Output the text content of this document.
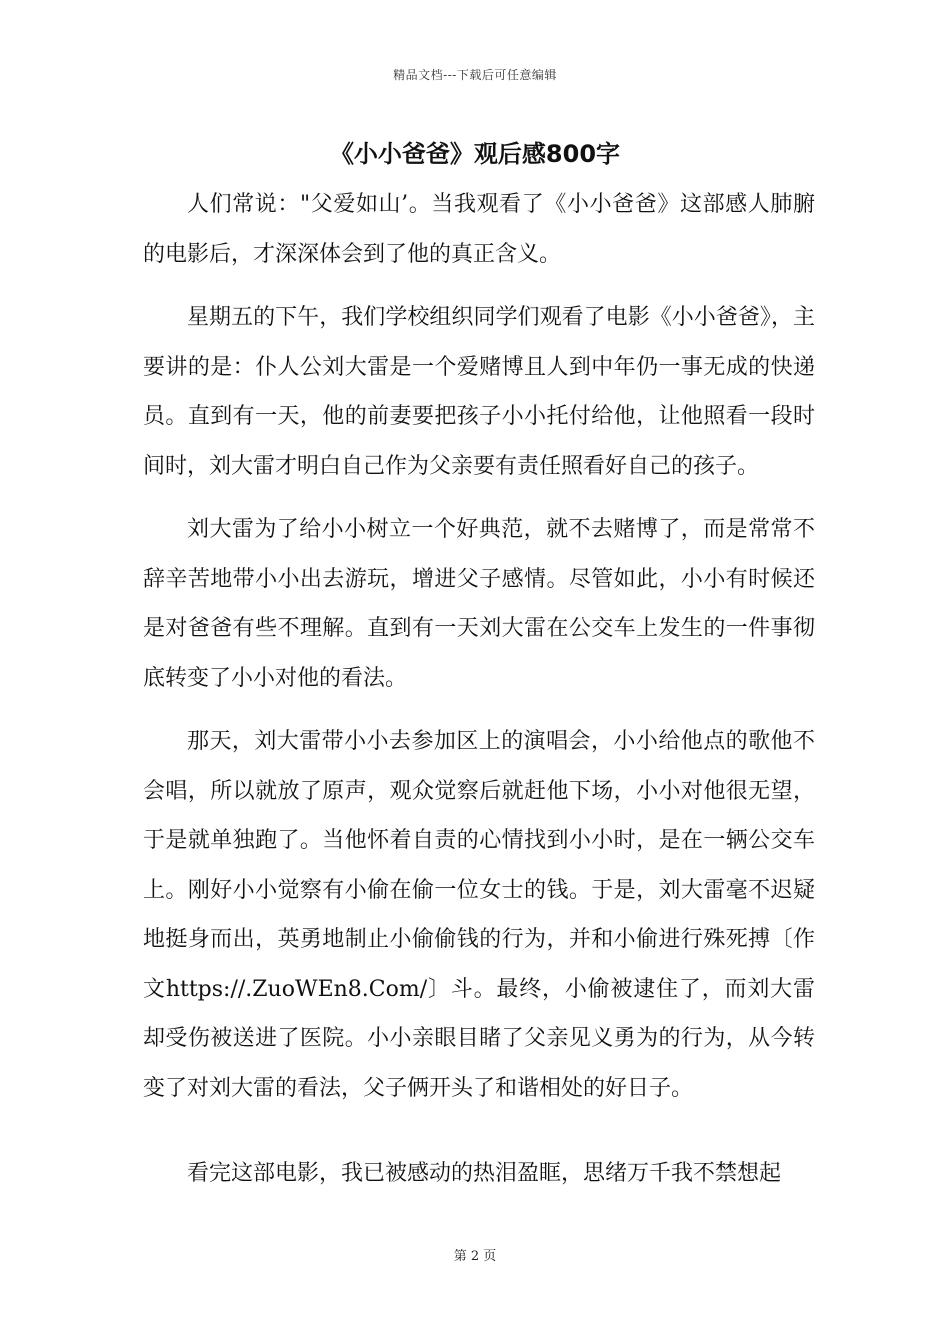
精品文档---下载后可任意编辑
《小小爸爸》观后感800字

人们常说："父爱如山’。当我观看了《小小爸爸》这部感人肺腑的电影后，才深深体会到了他的真正含义。

星期五的下午，我们学校组织同学们观看了电影《小小爸爸》，主要讲的是：仆人公刘大雷是一个爱赌博且人到中年仍一事无成的快递员。直到有一天，他的前妻要把孩子小小托付给他，让他照看一段时间时，刘大雷才明白自己作为父亲要有责任照看好自己的孩子。

刘大雷为了给小小树立一个好典范，就不去赌博了，而是常常不辞辛苦地带小小出去游玩，增进父子感情。尽管如此，小小有时候还是对爸爸有些不理解。直到有一天刘大雷在公交车上发生的一件事彻底转变了小小对他的看法。

那天，刘大雷带小小去参加区上的演唱会，小小给他点的歌他不会唱，所以就放了原声，观众觉察后就赶他下场，小小对他很无望，于是就单独跑了。当他怀着自责的心情找到小小时，是在一辆公交车上。刚好小小觉察有小偷在偷一位女士的钱。于是，刘大雷毫不迟疑地挺身而出，英勇地制止小偷偷钱的行为，并和小偷进行殊死搏〔作文https://.ZuoWEn8.Com/〕斗。最终，小偷被逮住了，而刘大雷却受伤被送进了医院。小小亲眼目睹了父亲见义勇为的行为，从今转变了对刘大雷的看法，父子俩开头了和谐相处的好日子。

看完这部电影，我已被感动的热泪盈眶，思绪万千我不禁想起

第 2 页
